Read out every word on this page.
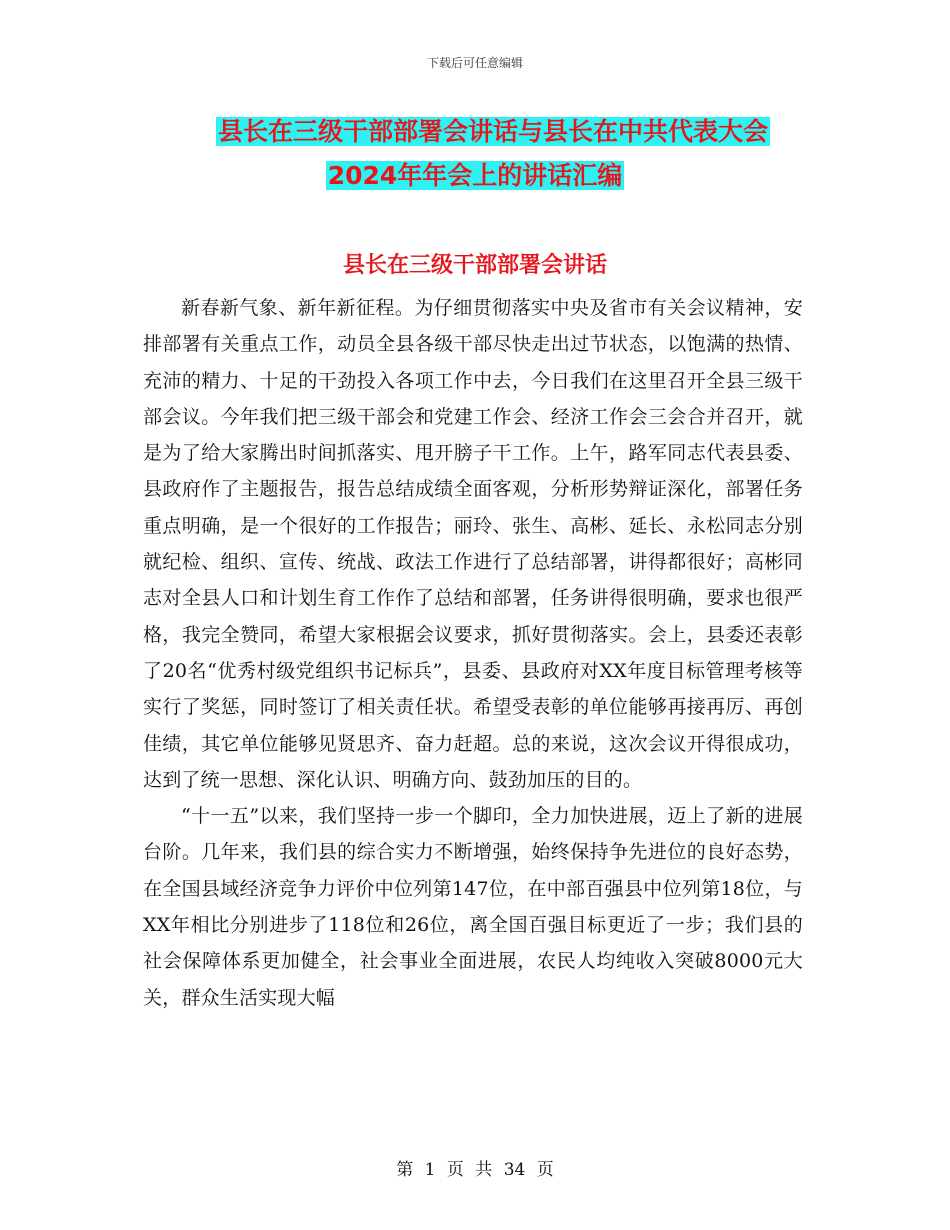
下载后可任意编辑
县长在三级干部部署会讲话与县长在中共代表大会
2024年年会上的讲话汇编
县长在三级干部部署会讲话

新春新气象、新年新征程。为仔细贯彻落实中央及省市有关会议精神，安排部署有关重点工作，动员全县各级干部尽快走出过节状态，以饱满的热情、充沛的精力、十足的干劲投入各项工作中去，今日我们在这里召开全县三级干部会议。今年我们把三级干部会和党建工作会、经济工作会三会合并召开，就是为了给大家腾出时间抓落实、甩开膀子干工作。上午，路军同志代表县委、县政府作了主题报告，报告总结成绩全面客观，分析形势辩证深化，部署任务重点明确，是一个很好的工作报告；丽玲、张生、高彬、延长、永松同志分别就纪检、组织、宣传、统战、政法工作进行了总结部署，讲得都很好；高彬同志对全县人口和计划生育工作作了总结和部署，任务讲得很明确，要求也很严格，我完全赞同，希望大家根据会议要求，抓好贯彻落实。会上，县委还表彰了20名“优秀村级党组织书记标兵”，县委、县政府对XX年度目标管理考核等实行了奖惩，同时签订了相关责任状。希望受表彰的单位能够再接再厉、再创佳绩，其它单位能够见贤思齐、奋力赶超。总的来说，这次会议开得很成功，达到了统一思想、深化认识、明确方向、鼓劲加压的目的。

“十一五”以来，我们坚持一步一个脚印，全力加快进展，迈上了新的进展台阶。几年来，我们县的综合实力不断增强，始终保持争先进位的良好态势，在全国县域经济竞争力评价中位列第147位，在中部百强县中位列第18位，与XX年相比分别进步了118位和26位，离全国百强目标更近了一步；我们县的社会保障体系更加健全，社会事业全面进展，农民人均纯收入突破8000元大关，群众生活实现大幅

第 1 页 共 34 页
